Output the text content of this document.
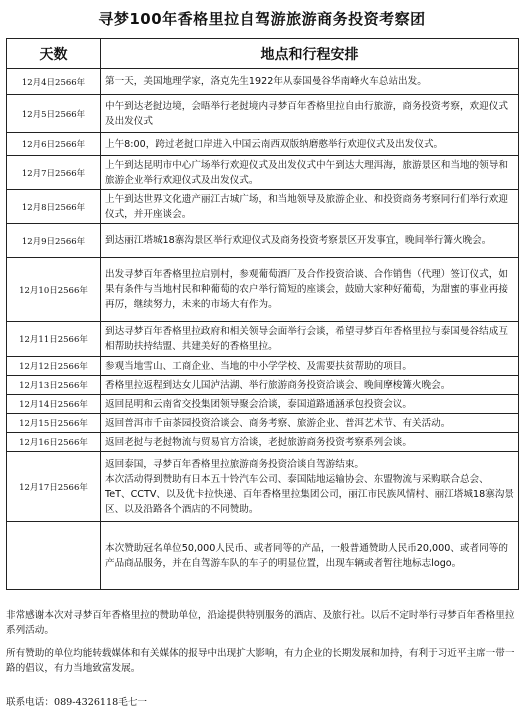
寻梦100年香格里拉自驾游旅游商务投资考察团
天数	地点和行程安排
12月4日2566年	第一天，美国地理学家，洛克先生1922年从泰国曼谷华南峰火车总站出发。
12月5日2566年	中午到达老挝边境，会晤举行老挝境内寻梦百年香格里拉自由行旅游，商务投资考察，欢迎仪式及出发仪式
12月6日2566年	上午8:00，跨过老挝口岸进入中国云南西双版纳磨憨举行欢迎仪式及出发仪式。
12月7日2566年	上午到达昆明市中心广场举行欢迎仪式及出发仪式中午到达大理洱海，旅游景区和当地的领导和旅游企业举行欢迎仪式及出发仪式。
12月8日2566年	上午到达世界文化遗产丽江古城广场，和当地领导及旅游企业、和投资商务考察同行们举行欢迎仪式，并开座谈会。
12月9日2566年	到达丽江塔城18寨沟景区举行欢迎仪式及商务投资考察景区开发事宜，晚间举行篝火晚会。
12月10日2566年	出发寻梦百年香格里拉启别村，参观葡萄酒厂及合作投资洽谈、合作销售（代理）签订仪式，如果有条件与当地村民和种葡萄的农户举行简短的座谈会，鼓励大家种好葡萄，为甜蜜的事业再接再厉，继续努力，未来的市场大有作为。
12月11日2566年	到达寻梦百年香格里拉政府和相关领导会面举行会谈，希望寻梦百年香格里拉与泰国曼谷结成互相帮助扶持结盟、共建美好的香格里拉。
12月12日2566年	参观当地雪山、工商企业、当地的中小学学校、及需要扶贫帮助的项目。
12月13日2566年	香格里拉返程到达女儿国泸沽湖、举行旅游商务投资洽谈会、晚间摩梭篝火晚会。
12月14日2566年	返回昆明和云南省交投集团领导聚会洽谈，泰国道路通涵承包投资会议。
12月15日2566年	返回普洱市千亩茶园投资洽谈会、商务考察、旅游企业、普洱艺术节、有关活动。
12月16日2566年	返回老挝与老挝物流与贸易官方洽谈，老挝旅游商务投资考察系列会谈。
12月17日2566年	返回泰国，寻梦百年香格里拉旅游商务投资洽谈自驾游结束。

本次活动得到赞助有日本五十铃汽车公司、泰国陆地运输协会、东盟物流与采购联合总会、TeT、CCTV、以及优卡拉快递、百年香格里拉集团公司，丽江市民族风情村、丽江塔城18寨沟景区、以及沿路各个酒店的不同赞助。

	本次赞助冠名单位50,000人民币、或者同等的产品，一般普通赞助人民币20,000、或者同等的产品商品服务，并在自驾游车队的车子的明显位置，出现车辆或者暂往地标志logo。
非常感谢本次对寻梦百年香格里拉的赞助单位，沿途提供特别服务的酒店、及旅行社。以后不定时举行寻梦百年香格里拉系列活动。
所有赞助的单位均能转载媒体和有关媒体的报导中出现扩大影响，有力企业的长期发展和加持，有利于习近平主席一带一路的倡议，有力当地致富发展。
联系电话：089-4326118毛七一
